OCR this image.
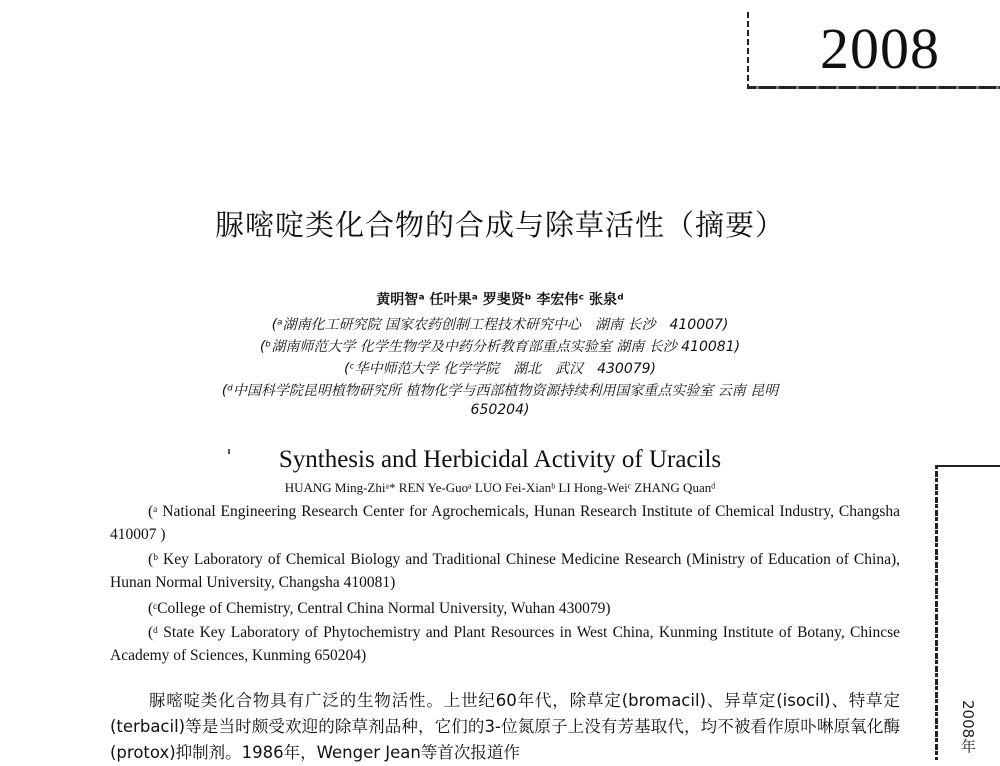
2008
脲嘧啶类化合物的合成与除草活性（摘要）
黄明智ᵃ 任叶果ᵃ 罗斐贤ᵇ 李宏伟ᶜ 张泉ᵈ
(ᵃ湖南化工研究院 国家农药创制工程技术研究中心　湖南 长沙　410007)
(ᵇ湖南师范大学 化学生物学及中药分析教育部重点实验室 湖南 长沙 410081)
(ᶜ华中师范大学 化学学院　湖北　武汉　430079)
(ᵈ中国科学院昆明植物研究所 植物化学与西部植物资源持续利用国家重点实验室 云南 昆明
650204)
Synthesis and Herbicidal Activity of Uracils
HUANG Ming-Zhiᵃ* REN Ye-Guoᵃ LUO Fei-Xianᵇ LI Hong-Weiᶜ ZHANG Quanᵈ
(ᵃ National Engineering Research Center for Agrochemicals, Hunan Research Institute of Chemical Industry, Changsha 410007 )
(ᵇ Key Laboratory of Chemical Biology and Traditional Chinese Medicine Research (Ministry of Education of China), Hunan Normal University, Changsha 410081)
(ᶜCollege of Chemistry, Central China Normal University, Wuhan 430079)
(ᵈ State Key Laboratory of Phytochemistry and Plant Resources in West China, Kunming Institute of Botany, Chincse Academy of Sciences, Kunming 650204)
脲嘧啶类化合物具有广泛的生物活性。上世纪60年代，除草定(bromacil)、异草定(isocil)、特草定(terbacil)等是当时颇受欢迎的除草剂品种，它们的3-位氮原子上没有芳基取代，均不被看作原卟啉原氧化酶(protox)抑制剂。1986年，Wenger Jean等首次报道作	2008年
